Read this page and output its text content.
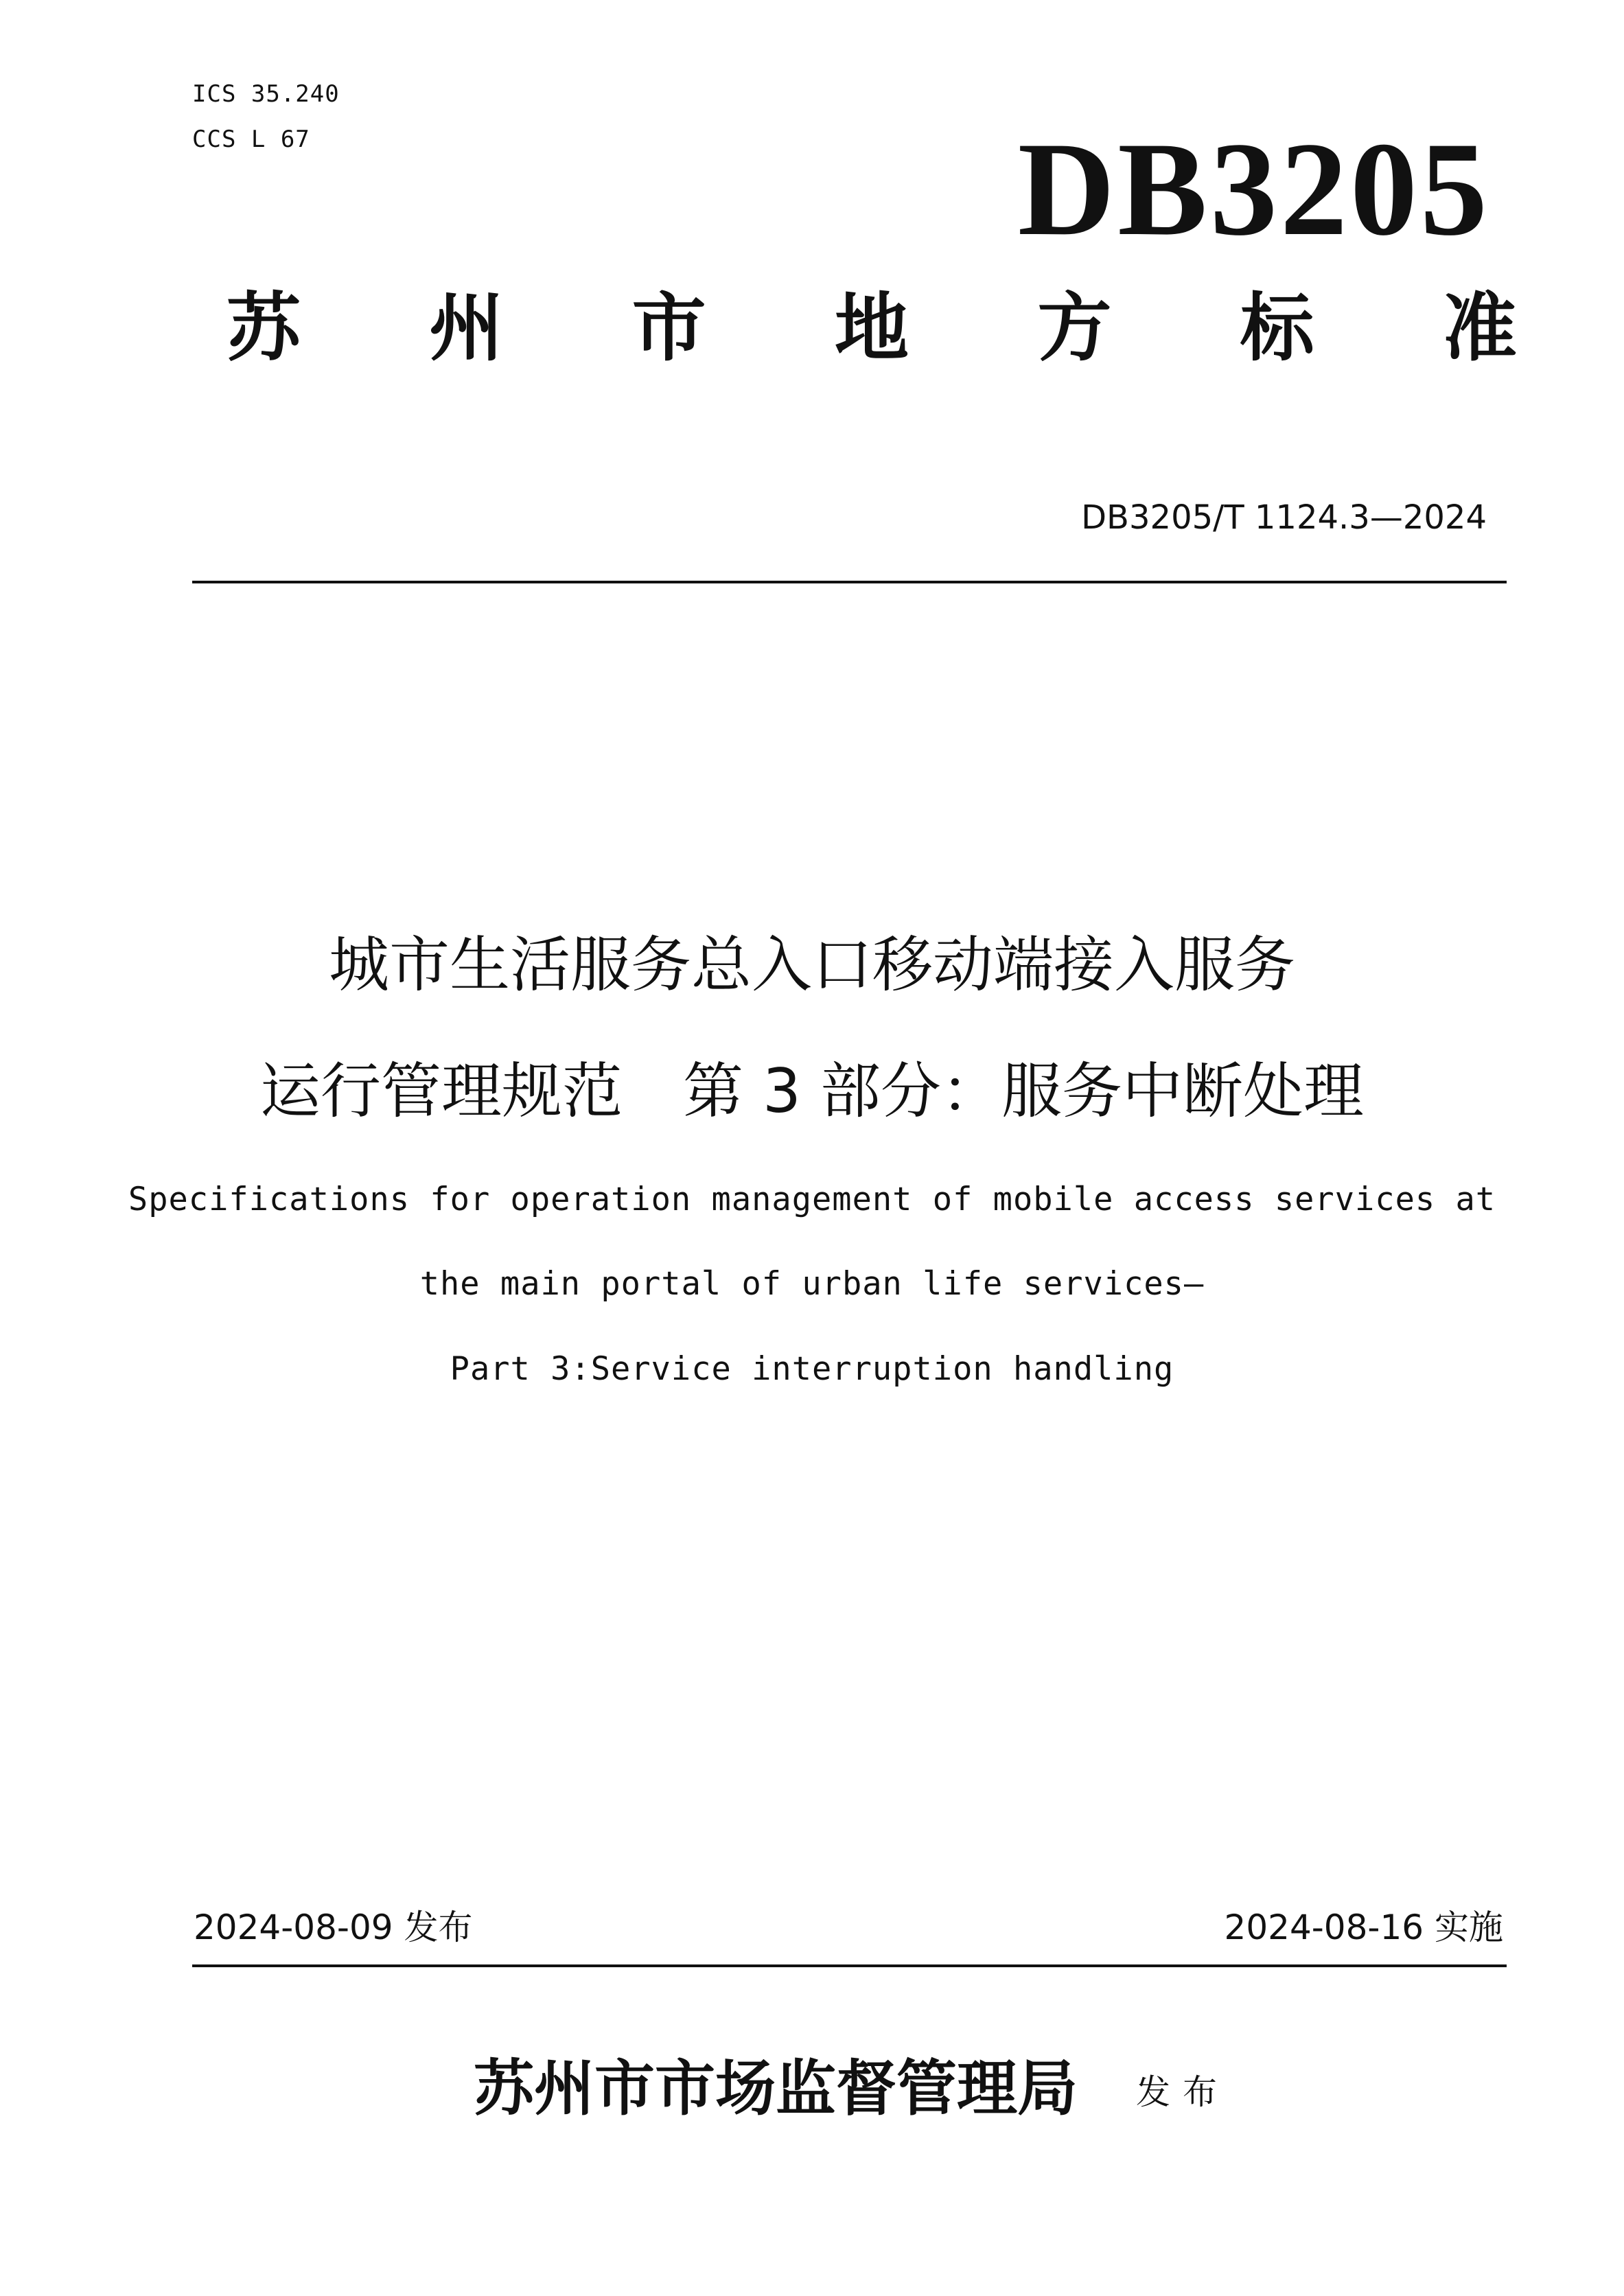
ICS 35.240
CCS L 67	DB3205
苏 州 市 地 方 标 准
DB3205/T 1124.3—2024
城市生活服务总入口移动端接入服务
运行管理规范　第 3 部分：服务中断处理
Specifications for operation management of mobile access services at
the main portal of urban life services—
Part 3:Service interruption handling
2024-08-09 发布	2024-08-16 实施
苏州市市场监督管理局 发布
